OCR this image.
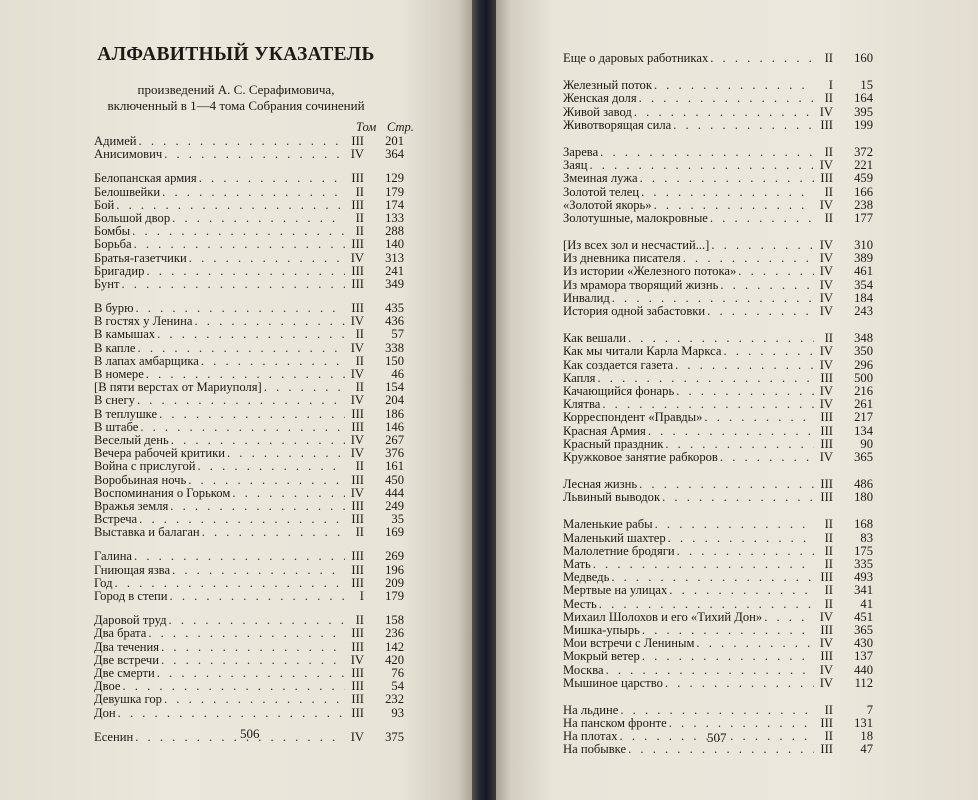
АЛФАВИТНЫЙ УКАЗАТЕЛЬ
произведений А. С. Серафимовича,
включенный в 1—4 тома Собрания сочинений
Том Стр.
Адимей . . .	III	201
Анисимович . . .	IV	364
Белопанская армия . . .	III	129
Белошвейки . . .	II	179
Бой . . .	III	174
Большой двор . . .	II	133
Бомбы . . .	II	288
Борьба . . .	III	140
Братья-газетчики . . .	IV	313
Бригадир . . .	III	241
Бунт . . .	III	349
В бурю . . .	III	435
В гостях у Ленина . . .	IV	436
В камышах . . .	II	57
В капле . . .	IV	338
В лапах амбарщика . . .	II	150
В номере . . .	IV	46
[В пяти верстах от Мариуполя] . . .	II	154
В снегу . . .	IV	204
В теплушке . . .	III	186
В штабе . . .	III	146
Веселый день . . .	IV	267
Вечера рабочей критики . . .	IV	376
Война с прислугой . . .	II	161
Воробьиная ночь . . .	III	450
Воспоминания о Горьком . . .	IV	444
Вражья земля . . .	III	249
Встреча . . .	III	35
Выставка и балаган . . .	II	169
Галина . . .	III	269
Гниющая язва . . .	III	196
Год . . .	III	209
Город в степи . . .	I	179
Даровой труд . . .	II	158
Два брата . . .	III	236
Два течения . . .	III	142
Две встречи . . .	IV	420
Две смерти . . .	III	76
Двое . . .	III	54
Девушка гор . . .	III	232
Дон . . .	III	93
Есенин . . .	IV	375
506
Еще о даровых работниках . . .	II	160
Железный поток . . .	I	15
Женская доля . . .	II	164
Живой завод . . .	IV	395
Животворящая сила . . .	III	199
Зарева . . .	II	372
Заяц . . .	IV	221
Змеиная лужа . . .	III	459
Золотой телец . . .	II	166
«Золотой якорь» . . .	IV	238
Золотушные, малокровные . . .	II	177
[Из всех зол и несчастий...] . . .	IV	310
Из дневника писателя . . .	IV	389
Из истории «Железного потока» . . .	IV	461
Из мрамора творящий жизнь . . .	IV	354
Инвалид . . .	IV	184
История одной забастовки . . .	IV	243
Как вешали . . .	II	348
Как мы читали Карла Маркса . . .	IV	350
Как создается газета . . .	IV	296
Капля . . .	III	500
Качающийся фонарь . . .	IV	216
Клятва . . .	IV	261
Корреспондент «Правды» . . .	III	217
Красная Армия . . .	III	134
Красный праздник . . .	III	90
Кружковое занятие рабкоров . . .	IV	365
Лесная жизнь . . .	III	486
Львиный выводок . . .	III	180
Маленькие рабы . . .	II	168
Маленький шахтер . . .	II	83
Малолетние бродяги . . .	II	175
Мать . . .	II	335
Медведь . . .	III	493
Мертвые на улицах . . .	II	341
Месть . . .	II	41
Михаил Шолохов и его «Тихий Дон» . . .	IV	451
Мишка-упырь . . .	III	365
Мои встречи с Лениным . . .	IV	430
Мокрый ветер . . .	III	137
Москва . . .	IV	440
Мышиное царство . . .	IV	112
На льдине . . .	II	7
На панском фронте . . .	III	131
На плотах . . .	II	18
На побывке . . .	III	47
507
